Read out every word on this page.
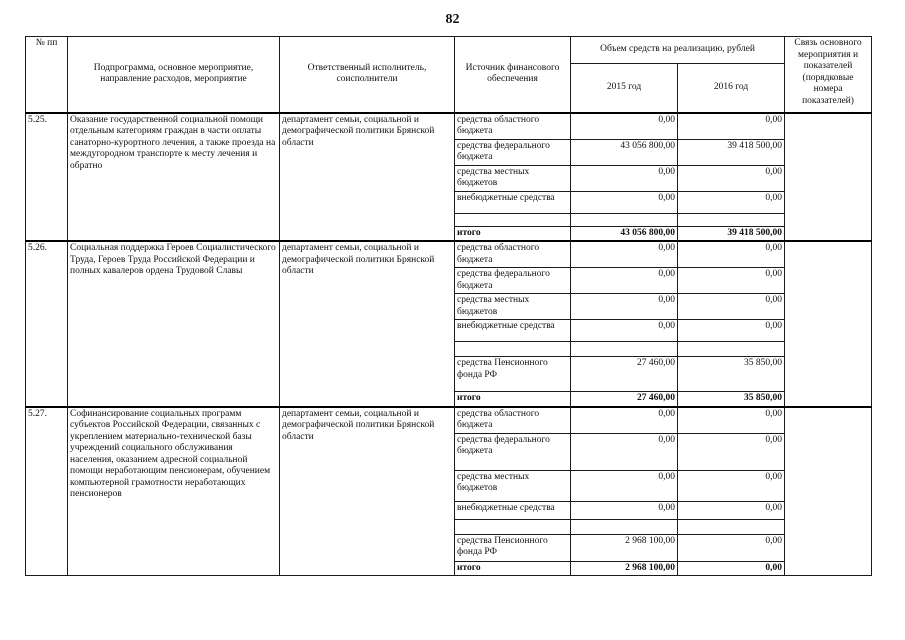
82
№ пп	Подпрограмма, основное мероприятие, направление расходов, мероприятие	Ответственный исполнитель, соисполнители	Источник финансового обеспечения	Объем средств на реализацию, рублей		Связь основного мероприятия и показателей (порядковые номера показателей)
				2015 год	2016 год	
5.25.	Оказание государственной социальной помощи отдельным категориям граждан в части оплаты санаторно-курортного лечения, а также проезда на междугородном транспорте к месту лечения и обратно	департамент семьи, социальной и демографической политики Брянской области	средства областного бюджета	0,00	0,00	
			средства федерального бюджета	43 056 800,00	39 418 500,00	
			средства местных бюджетов	0,00	0,00	
			внебюджетные средства	0,00	0,00	

			итого	43 056 800,00	39 418 500,00	
5.26.	Социальная поддержка Героев Социалистического Труда, Героев Труда Российской Федерации и полных кавалеров ордена Трудовой Славы	департамент семьи, социальной и демографической политики Брянской области	средства областного бюджета	0,00	0,00	
			средства федерального бюджета	0,00	0,00	
			средства местных бюджетов	0,00	0,00	
			внебюджетные средства	0,00	0,00	

			средства Пенсионного фонда РФ	27 460,00	35 850,00	
			итого	27 460,00	35 850,00	
5.27.	Софинансирование социальных программ субъектов Российской Федерации, связанных с укреплением материально-технической базы учреждений социального обслуживания населения, оказанием адресной социальной помощи неработающим пенсионерам, обучением компьютерной грамотности неработающих пенсионеров	департамент семьи, социальной и демографической политики Брянской области	средства областного бюджета	0,00	0,00	
			средства федерального бюджета	0,00	0,00	
			средства местных бюджетов	0,00	0,00	
			внебюджетные средства	0,00	0,00	

			средства Пенсионного фонда РФ	2 968 100,00	0,00	
			итого	2 968 100,00	0,00	
